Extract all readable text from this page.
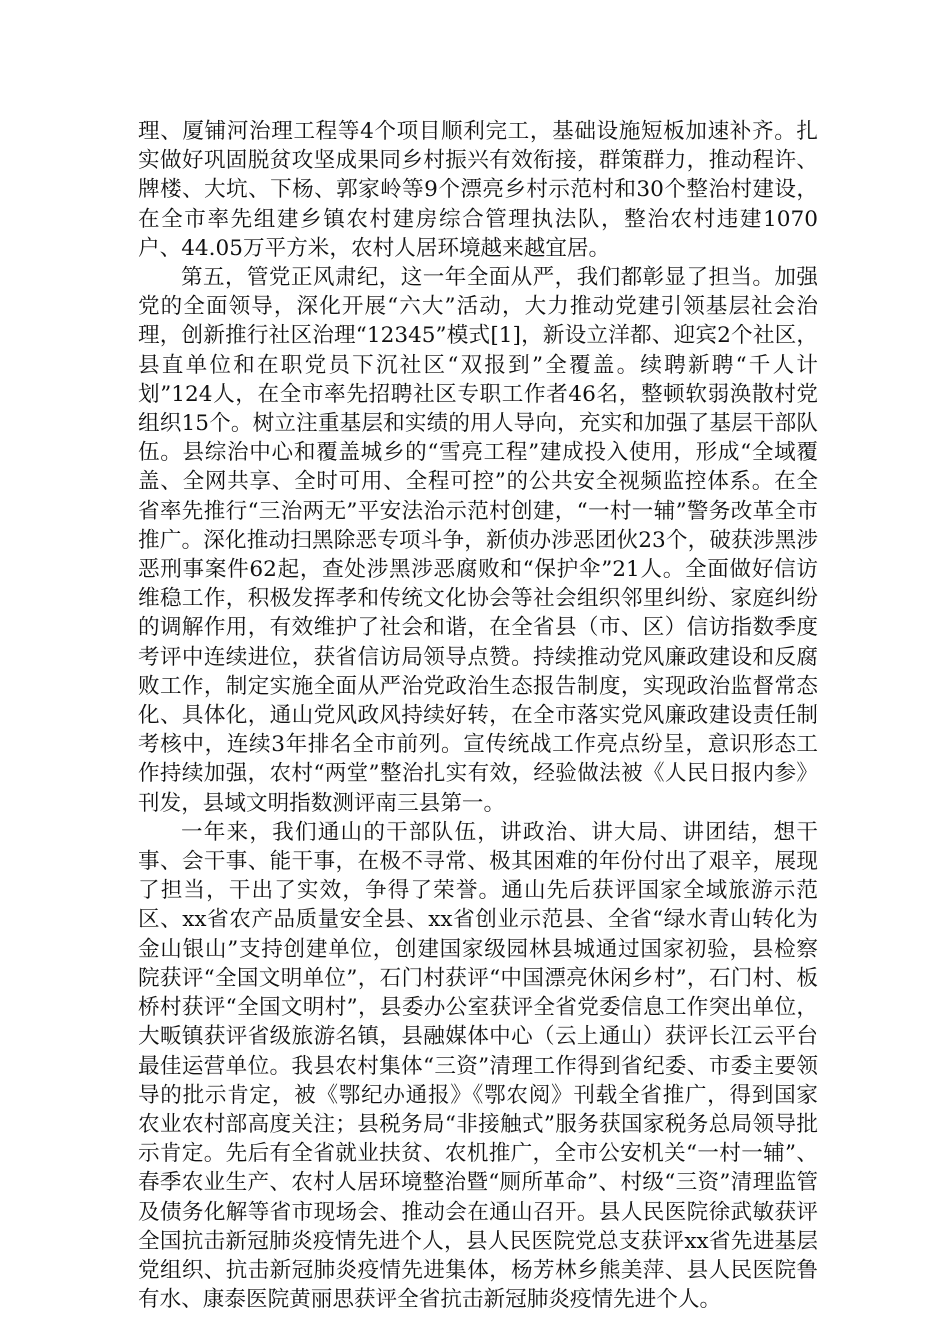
理、厦铺河治理工程等4个项目顺利完工，基础设施短板加速补齐。扎实做好巩固脱贫攻坚成果同乡村振兴有效衔接，群策群力，推动程许、牌楼、大坑、下杨、郭家岭等9个漂亮乡村示范村和30个整治村建设，在全市率先组建乡镇农村建房综合管理执法队，整治农村违建1070户、44.05万平方米，农村人居环境越来越宜居。

第五，管党正风肃纪，这一年全面从严，我们都彰显了担当。加强党的全面领导，深化开展“六大”活动，大力推动党建引领基层社会治理，创新推行社区治理“12345”模式[1]，新设立洋都、迎宾2个社区，县直单位和在职党员下沉社区“双报到”全覆盖。续聘新聘“千人计划”124人，在全市率先招聘社区专职工作者46名，整顿软弱涣散村党组织15个。树立注重基层和实绩的用人导向，充实和加强了基层干部队伍。县综治中心和覆盖城乡的“雪亮工程”建成投入使用，形成“全域覆盖、全网共享、全时可用、全程可控”的公共安全视频监控体系。在全省率先推行“三治两无”平安法治示范村创建，“一村一辅”警务改革全市推广。深化推动扫黑除恶专项斗争，新侦办涉恶团伙23个，破获涉黑涉恶刑事案件62起，查处涉黑涉恶腐败和“保护伞”21人。全面做好信访维稳工作，积极发挥孝和传统文化协会等社会组织邻里纠纷、家庭纠纷的调解作用，有效维护了社会和谐，在全省县（市、区）信访指数季度考评中连续进位，获省信访局领导点赞。持续推动党风廉政建设和反腐败工作，制定实施全面从严治党政治生态报告制度，实现政治监督常态化、具体化，通山党风政风持续好转，在全市落实党风廉政建设责任制考核中，连续3年排名全市前列。宣传统战工作亮点纷呈，意识形态工作持续加强，农村“两堂”整治扎实有效，经验做法被《人民日报内参》刊发，县域文明指数测评南三县第一。

一年来，我们通山的干部队伍，讲政治、讲大局、讲团结，想干事、会干事、能干事，在极不寻常、极其困难的年份付出了艰辛，展现了担当，干出了实效，争得了荣誉。通山先后获评国家全域旅游示范区、xx省农产品质量安全县、xx省创业示范县、全省“绿水青山转化为金山银山”支持创建单位，创建国家级园林县城通过国家初验，县检察院获评“全国文明单位”，石门村获评“中国漂亮休闲乡村”，石门村、板桥村获评“全国文明村”，县委办公室获评全省党委信息工作突出单位，大畈镇获评省级旅游名镇，县融媒体中心（云上通山）获评长江云平台最佳运营单位。我县农村集体“三资”清理工作得到省纪委、市委主要领导的批示肯定，被《鄂纪办通报》《鄂农阅》刊载全省推广，得到国家农业农村部高度关注；县税务局“非接触式”服务获国家税务总局领导批示肯定。先后有全省就业扶贫、农机推广，全市公安机关“一村一辅”、春季农业生产、农村人居环境整治暨“厕所革命”、村级“三资”清理监管及债务化解等省市现场会、推动会在通山召开。县人民医院徐武敏获评全国抗击新冠肺炎疫情先进个人，县人民医院党总支获评xx省先进基层党组织、抗击新冠肺炎疫情先进集体，杨芳林乡熊美萍、县人民医院鲁有水、康泰医院黄丽思获评全省抗击新冠肺炎疫情先进个人。
